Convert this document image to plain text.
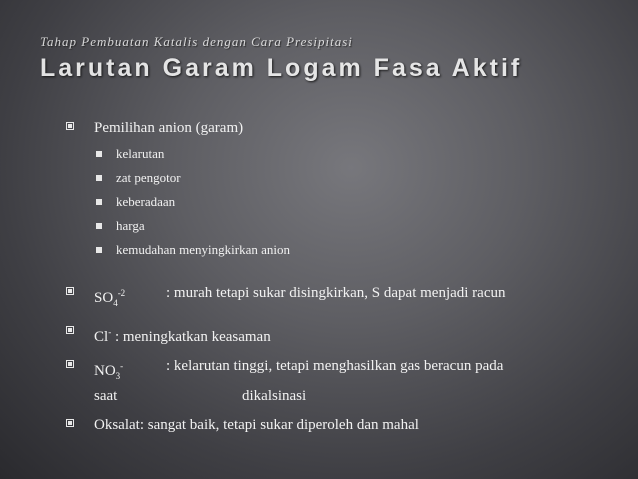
Tahap Pembuatan Katalis dengan Cara Presipitasi
Larutan Garam Logam Fasa Aktif
Pemilihan anion (garam)
kelarutan
zat pengotor
keberadaan
harga
kemudahan menyingkirkan anion
$SO_4^{-2}$	: murah tetapi sukar disingkirkan, S dapat menjadi racun
Cl- : meningkatkan keasaman
$NO_3^-$	: kelarutan tinggi, tetapi menghasilkan gas beracun pada
saat	dikalsinasi
Oksalat: sangat baik, tetapi sukar diperoleh dan mahal
